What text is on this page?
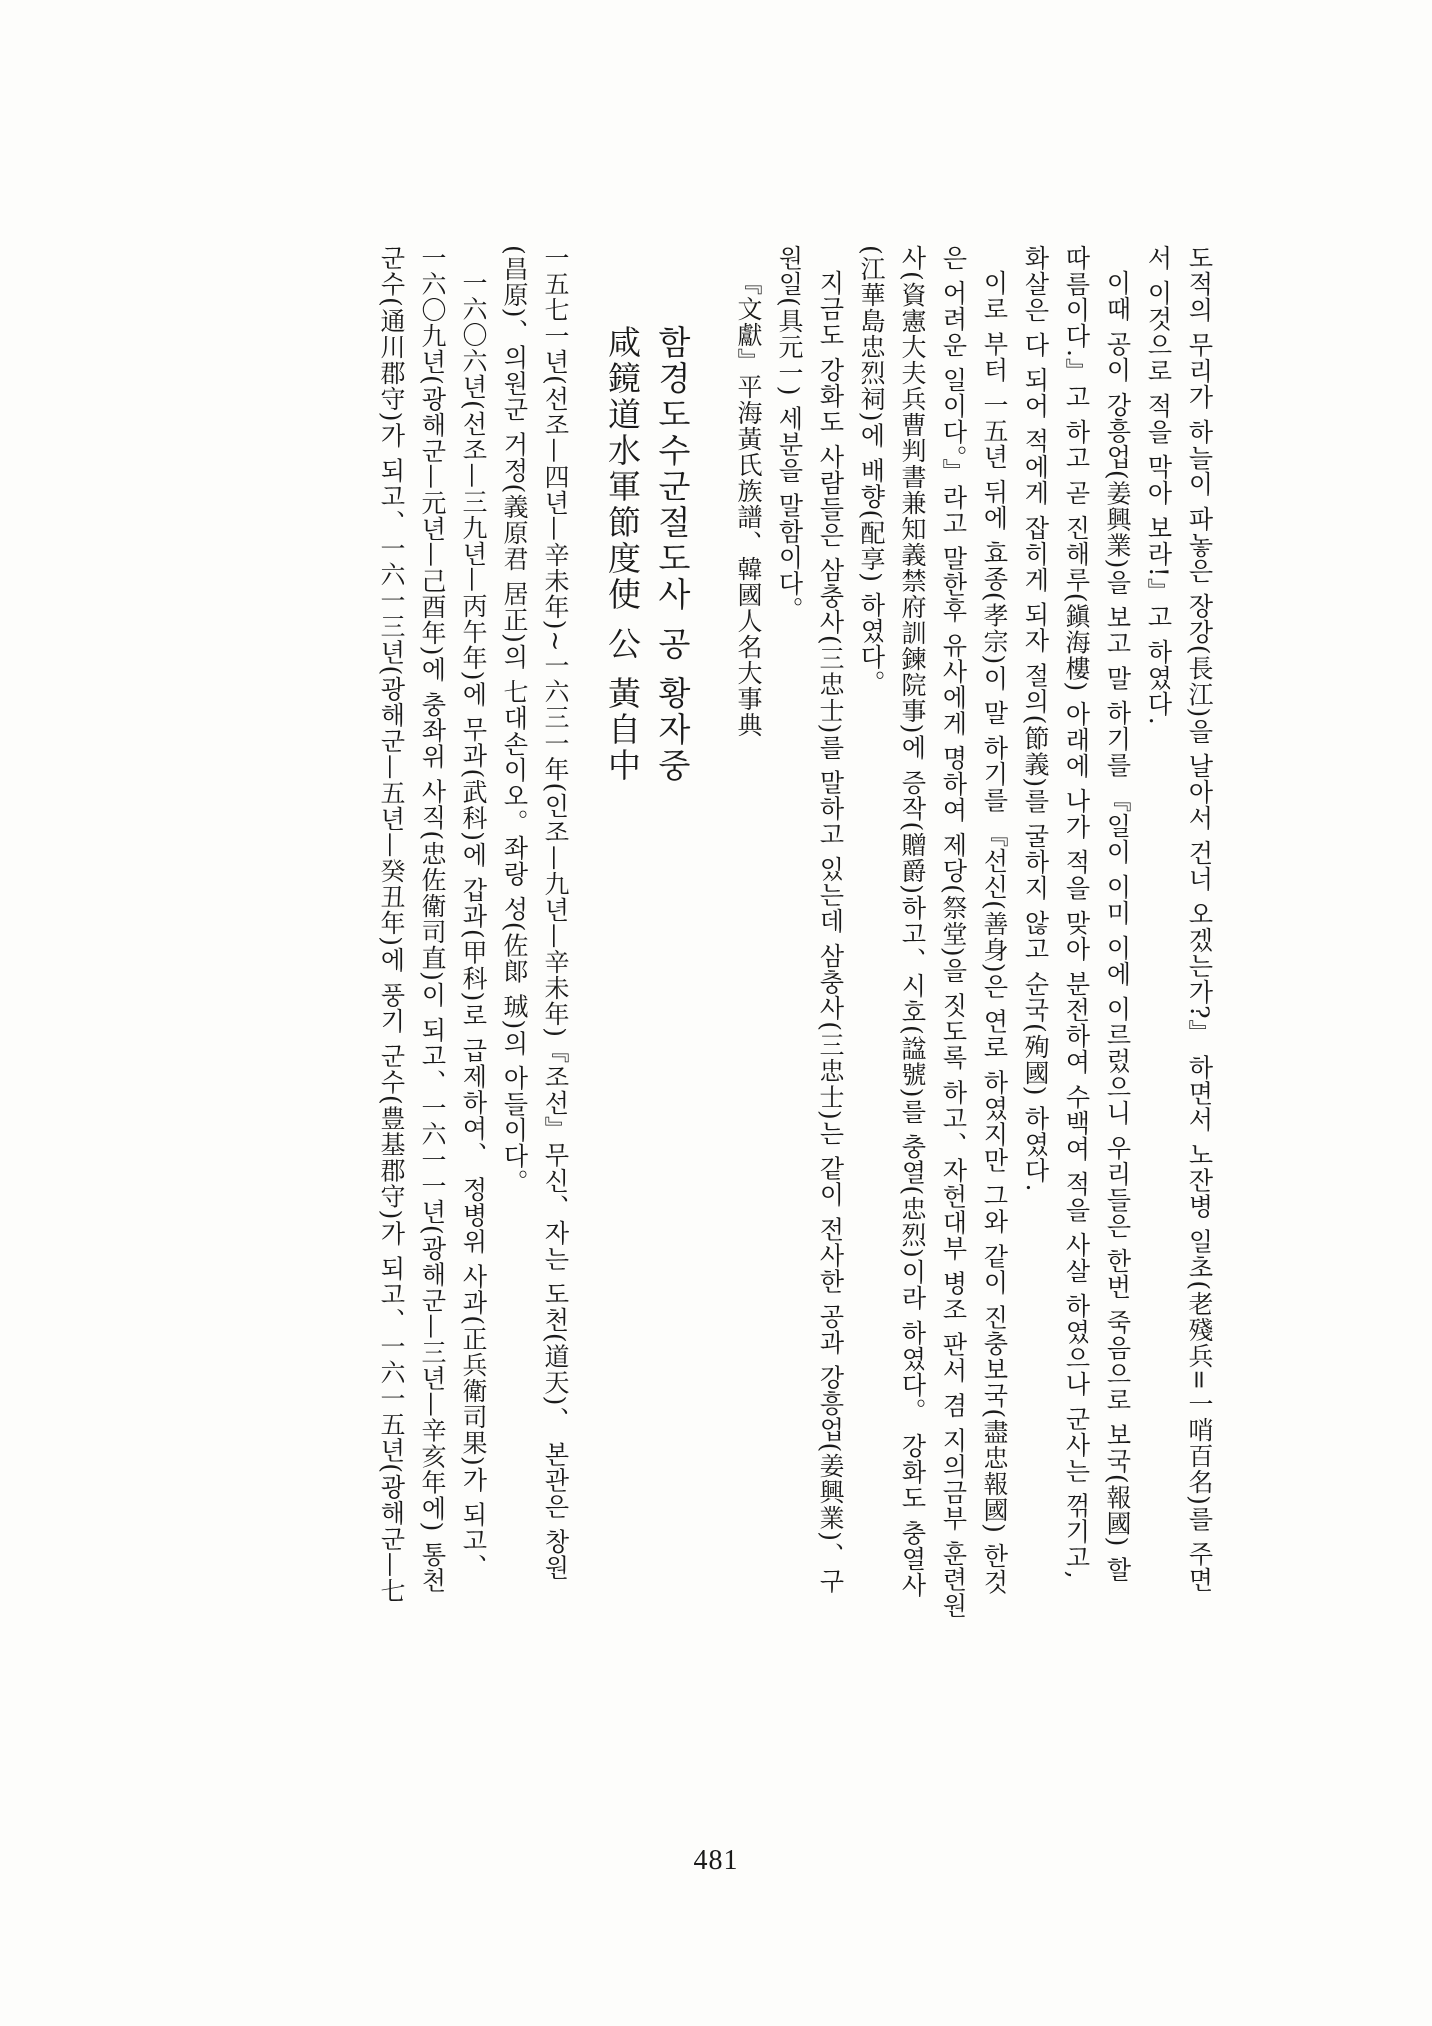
도적의 무리가 하늘이 파놓은 장강(長江)을 날아서 건너 오겠는가?』 하면서 노잔병 일초(老殘兵=一哨百名)를 주면
서 이것으로 적을 막아 보라!』고 하였다.
이때 공이 강흥업(姜興業)을 보고 말 하기를 『일이 이미 이에 이르렀으니 우리들은 한번 죽음으로 보국(報國) 할
따름이다.』고 하고 곧 진해루(鎭海樓) 아래에 나가 적을 맞아 분전하여 수백여 적을 사살 하였으나 군사는 꺾기고,
화살은 다 되어 적에게 잡히게 되자 절의(節義)를 굴하지 않고 순국(殉國) 하였다.
이로 부터 一五년 뒤에 효종(孝宗)이 말 하기를 『선신(善身)은 연로 하였지만 그와 같이 진충보국(盡忠報國) 한것
은 어려운 일이다。』라고 말한후 유사에게 명하여 제당(祭堂)을 짓도록 하고、자헌대부 병조 판서 겸 지의금부 훈련원
사(資憲大夫兵曹判書兼知義禁府訓鍊院事)에 증작(贈爵)하고、시호(諡號)를 충열(忠烈)이라 하였다。 강화도 충열사
(江華島忠烈祠)에 배향(配享) 하였다。
지금도 강화도 사람들은 삼충사(三忠士)를 말하고 있는데 삼충사(三忠士)는 같이 전사한 공과 강흥업(姜興業)、구
원일(具元一) 세분을 말함이다。
『文獻』平海黃氏族譜、韓國人名大事典
함경도수군절도사 공 황자중
咸鏡道水軍節度使 公 黃自中
一五七一년(선조—四년—辛未年)~一六三一年(인조—九년—辛未年)『조선』무신、자는 도천(道天)、 본관은 창원
(昌原)、의원군 거정(義原君 居正)의 七대손이오。좌랑 성(佐郞 珹)의 아들이다。
一六〇六년(선조—三九년—丙午年)에 무과(武科)에 갑과(甲科)로 급제하여、 정병위 사과(正兵衛司果)가 되고、
一六〇九년(광해군—元년—己酉年)에 충좌위 사직(忠佐衛司直)이 되고、一六一一년(광해군—三년—辛亥年에) 통천
군수(通川郡守)가 되고、一六一三년(광해군—五년—癸丑年)에 풍기 군수(豊基郡守)가 되고、一六一五년(광해군—七
481
